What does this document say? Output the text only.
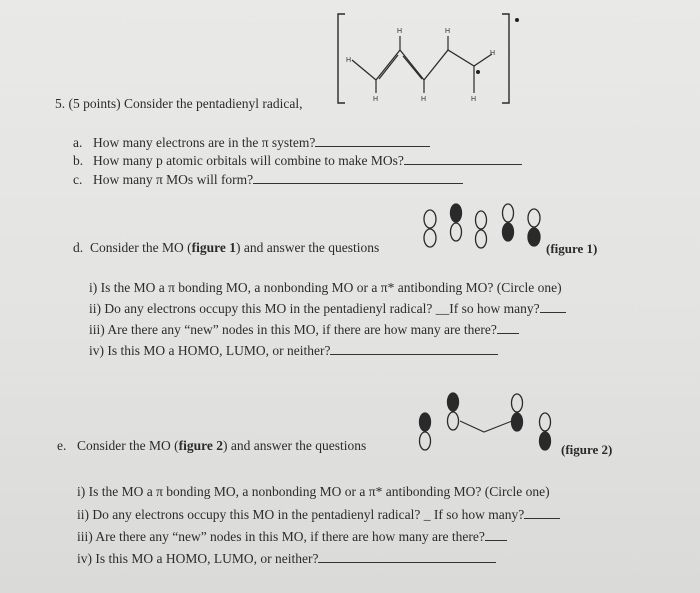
H
H	H
H
H	H	H
5. (5 points) Consider the pentadienyl radical,
a. How many electrons are in the π system?
b. How many p atomic orbitals will combine to make MOs?
c. How many π MOs will form?
d. Consider the MO (figure 1) and answer the questions	(figure 1)
i) Is the MO a π bonding MO, a nonbonding MO or a π* antibonding MO? (Circle one)
ii) Do any electrons occupy this MO in the pentadienyl radical? __If so how many?
iii) Are there any “new” nodes in this MO, if there are how many are there?
iv) Is this MO a HOMO, LUMO, or neither?
e. Consider the MO (figure 2) and answer the questions	(figure 2)
i) Is the MO a π bonding MO, a nonbonding MO or a π* antibonding MO? (Circle one)
ii) Do any electrons occupy this MO in the pentadienyl radical? _ If so how many?
iii) Are there any “new” nodes in this MO, if there are how many are there?
iv) Is this MO a HOMO, LUMO, or neither?
